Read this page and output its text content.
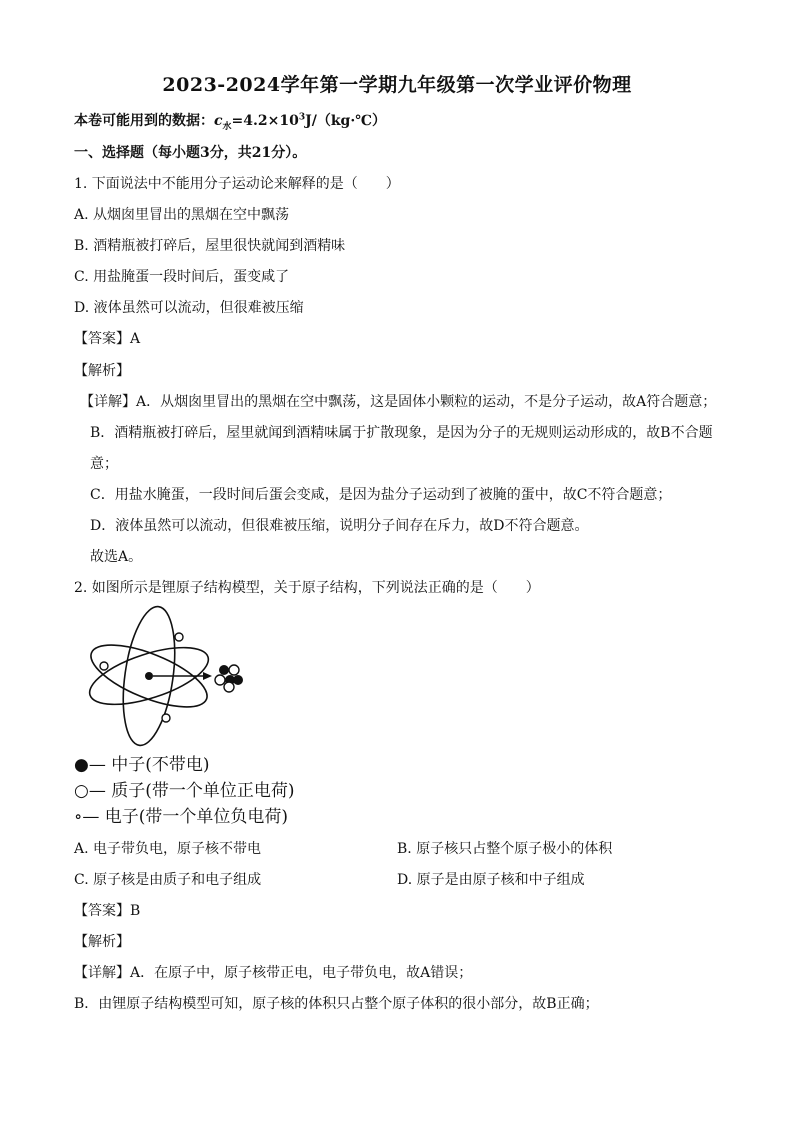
2023-2024学年第一学期九年级第一次学业评价物理
本卷可能用到的数据：$c_水=4.2\times 10^3J/(kg\cdot℃)$
一、选择题（每小题3分，共21分）。
1. 下面说法中不能用分子运动论来解释的是（　　）
A. 从烟囱里冒出的黑烟在空中飘荡
B. 酒精瓶被打碎后，屋里很快就闻到酒精味
C. 用盐腌蛋一段时间后，蛋变咸了
D. 液体虽然可以流动，但很难被压缩
【答案】A
【解析】
【详解】A．从烟囱里冒出的黑烟在空中飘荡，这是固体小颗粒的运动，不是分子运动，故A符合题意；
B．酒精瓶被打碎后，屋里就闻到酒精味属于扩散现象，是因为分子的无规则运动形成的，故B不合题
意；
C．用盐水腌蛋，一段时间后蛋会变咸，是因为盐分子运动到了被腌的蛋中，故C不符合题意；
D．液体虽然可以流动，但很难被压缩，说明分子间存在斥力，故D不符合题意。
故选A。
2. 如图所示是锂原子结构模型，关于原子结构，下列说法正确的是（　　）
●— 中子(不带电)
○— 质子(带一个单位正电荷)
∘— 电子(带一个单位负电荷)
A. 电子带负电，原子核不带电	B. 原子核只占整个原子极小的体积
C. 原子核是由质子和电子组成	D. 原子是由原子核和中子组成
【答案】B
【解析】
【详解】A．在原子中，原子核带正电，电子带负电，故A错误；
B．由锂原子结构模型可知，原子核的体积只占整个原子体积的很小部分，故B正确；
